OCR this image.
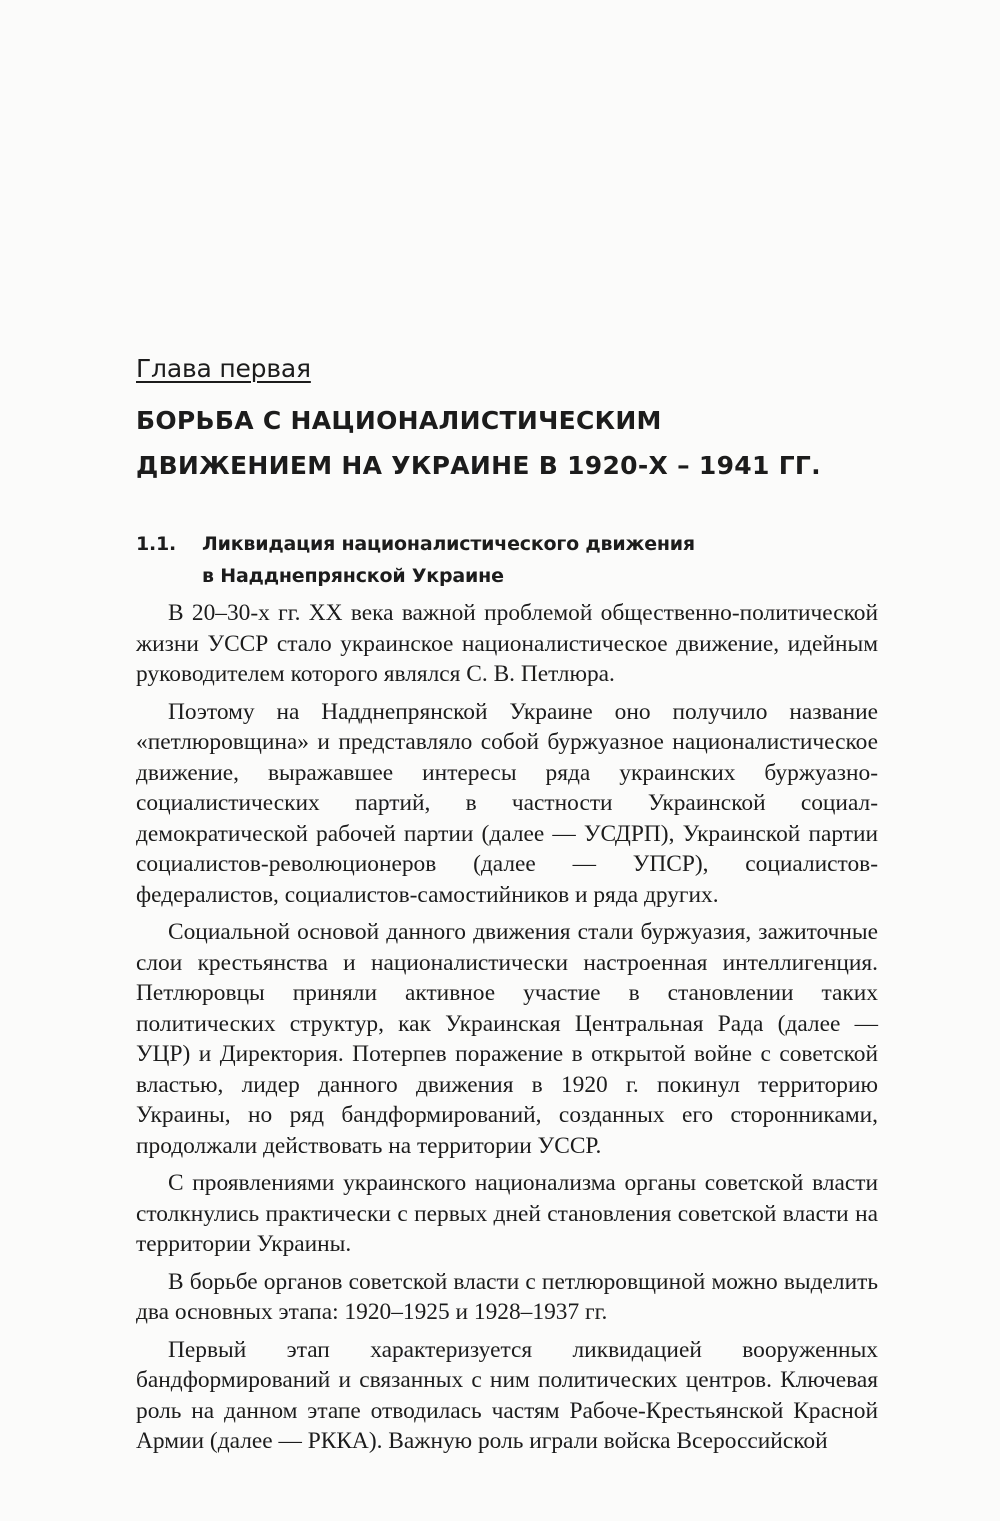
Глава первая
БОРЬБА С НАЦИОНАЛИСТИЧЕСКИМ
ДВИЖЕНИЕМ НА УКРАИНЕ В 1920-Х – 1941 ГГ.
1.1. Ликвидация националистического движения
в Надднепрянской Украине

В 20–30-х гг. XX века важной проблемой общественно-политической жизни УССР стало украинское националистическое движение, идейным руководителем которого являлся С. В. Петлюра.

Поэтому на Надднепрянской Украине оно получило название «петлюровщина» и представляло собой буржуазное националистическое движение, выражавшее интересы ряда украинских буржуазно-социалистических партий, в частности Украинской социал-демократической рабочей партии (далее — УСДРП), Украинской партии социалистов-революционеров (далее — УПСР), социалистов-федералистов, социалистов-самостийников и ряда других.

Социальной основой данного движения стали буржуазия, зажиточные слои крестьянства и националистически настроенная интеллигенция. Петлюровцы приняли активное участие в становлении таких политических структур, как Украинская Центральная Рада (далее — УЦР) и Директория. Потерпев поражение в открытой войне с советской властью, лидер данного движения в 1920 г. покинул территорию Украины, но ряд бандформирований, созданных его сторонниками, продолжали действовать на территории УССР.

С проявлениями украинского национализма органы советской власти столкнулись практически с первых дней становления советской власти на территории Украины.

В борьбе органов советской власти с петлюровщиной можно выделить два основных этапа: 1920–1925 и 1928–1937 гг.

Первый этап характеризуется ликвидацией вооруженных бандформирований и связанных с ним политических центров. Ключевая роль на данном этапе отводилась частям Рабоче-Крестьянской Красной Армии (далее — РККА). Важную роль играли войска Всероссийской
